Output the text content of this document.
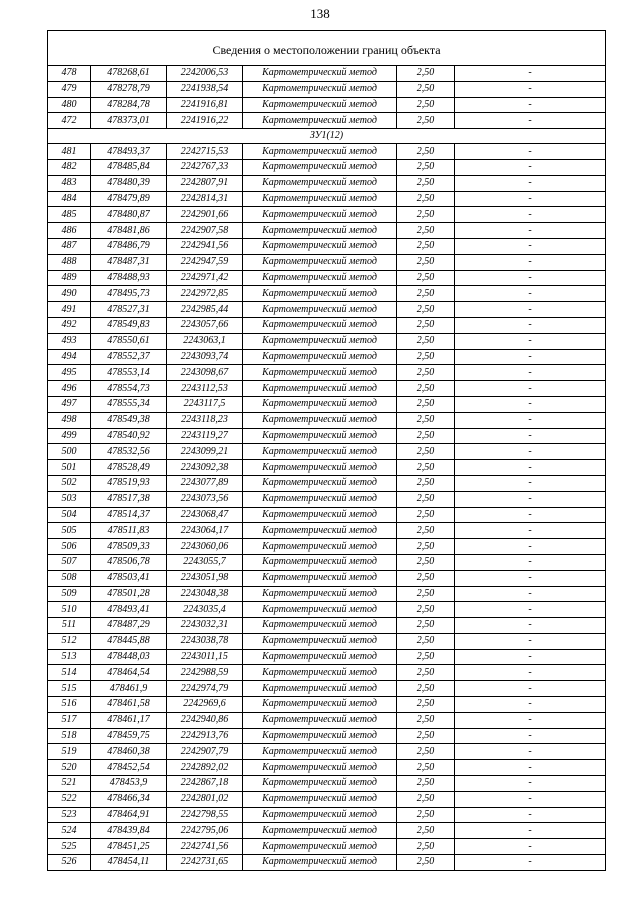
138
Сведения о местоположении границ объекта					
478	478268,61	2242006,53	Картометрический метод	2,50	-
479	478278,79	2241938,54	Картометрический метод	2,50	-
480	478284,78	2241916,81	Картометрический метод	2,50	-
472	478373,01	2241916,22	Картометрический метод	2,50	-
ЗУ1(12)					
481	478493,37	2242715,53	Картометрический метод	2,50	-
482	478485,84	2242767,33	Картометрический метод	2,50	-
483	478480,39	2242807,91	Картометрический метод	2,50	-
484	478479,89	2242814,31	Картометрический метод	2,50	-
485	478480,87	2242901,66	Картометрический метод	2,50	-
486	478481,86	2242907,58	Картометрический метод	2,50	-
487	478486,79	2242941,56	Картометрический метод	2,50	-
488	478487,31	2242947,59	Картометрический метод	2,50	-
489	478488,93	2242971,42	Картометрический метод	2,50	-
490	478495,73	2242972,85	Картометрический метод	2,50	-
491	478527,31	2242985,44	Картометрический метод	2,50	-
492	478549,83	2243057,66	Картометрический метод	2,50	-
493	478550,61	2243063,1	Картометрический метод	2,50	-
494	478552,37	2243093,74	Картометрический метод	2,50	-
495	478553,14	2243098,67	Картометрический метод	2,50	-
496	478554,73	2243112,53	Картометрический метод	2,50	-
497	478555,34	2243117,5	Картометрический метод	2,50	-
498	478549,38	2243118,23	Картометрический метод	2,50	-
499	478540,92	2243119,27	Картометрический метод	2,50	-
500	478532,56	2243099,21	Картометрический метод	2,50	-
501	478528,49	2243092,38	Картометрический метод	2,50	-
502	478519,93	2243077,89	Картометрический метод	2,50	-
503	478517,38	2243073,56	Картометрический метод	2,50	-
504	478514,37	2243068,47	Картометрический метод	2,50	-
505	478511,83	2243064,17	Картометрический метод	2,50	-
506	478509,33	2243060,06	Картометрический метод	2,50	-
507	478506,78	2243055,7	Картометрический метод	2,50	-
508	478503,41	2243051,98	Картометрический метод	2,50	-
509	478501,28	2243048,38	Картометрический метод	2,50	-
510	478493,41	2243035,4	Картометрический метод	2,50	-
511	478487,29	2243032,31	Картометрический метод	2,50	-
512	478445,88	2243038,78	Картометрический метод	2,50	-
513	478448,03	2243011,15	Картометрический метод	2,50	-
514	478464,54	2242988,59	Картометрический метод	2,50	-
515	478461,9	2242974,79	Картометрический метод	2,50	-
516	478461,58	2242969,6	Картометрический метод	2,50	-
517	478461,17	2242940,86	Картометрический метод	2,50	-
518	478459,75	2242913,76	Картометрический метод	2,50	-
519	478460,38	2242907,79	Картометрический метод	2,50	-
520	478452,54	2242892,02	Картометрический метод	2,50	-
521	478453,9	2242867,18	Картометрический метод	2,50	-
522	478466,34	2242801,02	Картометрический метод	2,50	-
523	478464,91	2242798,55	Картометрический метод	2,50	-
524	478439,84	2242795,06	Картометрический метод	2,50	-
525	478451,25	2242741,56	Картометрический метод	2,50	-
526	478454,11	2242731,65	Картометрический метод	2,50	-
